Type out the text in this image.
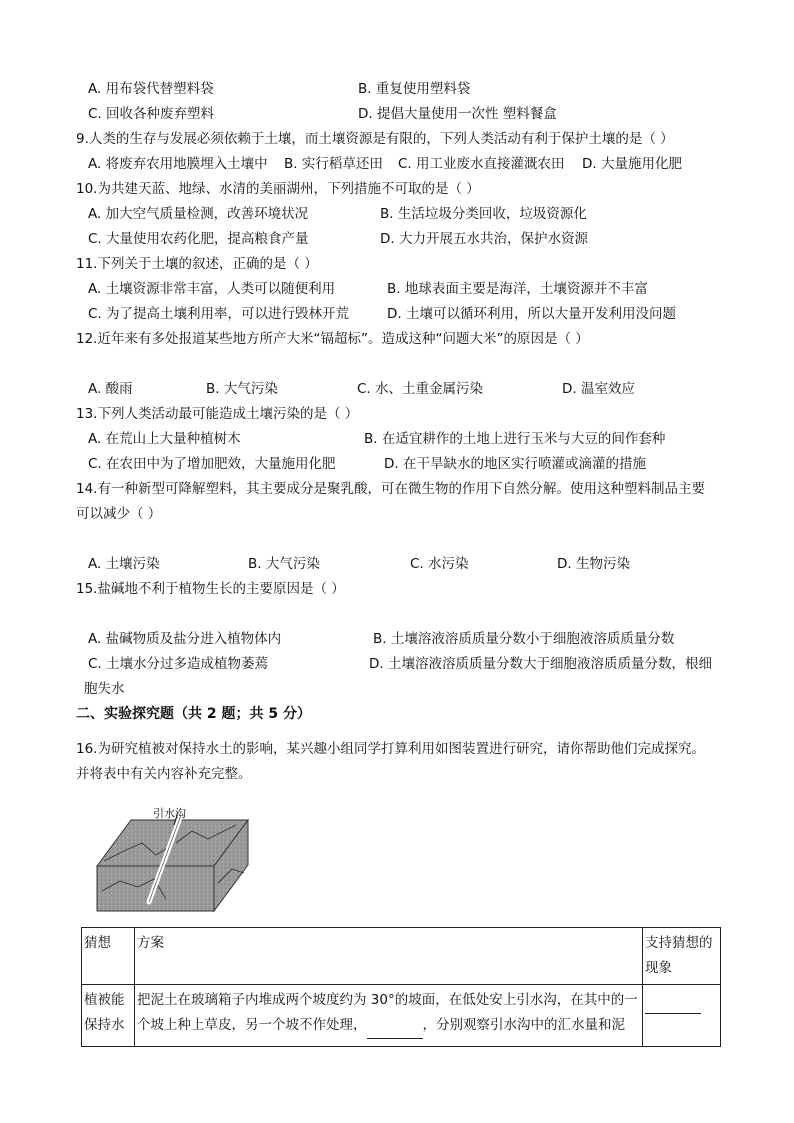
A. 用布袋代替塑料袋	B. 重复使用塑料袋
C. 回收各种废弃塑料	D. 提倡大量使用一次性 塑料餐盒
9.人类的生存与发展必须依赖于土壤，而土壤资源是有限的，下列人类活动有利于保护土壤的是（ ）
A. 将废弃农用地膜埋入土壤中 B. 实行稻草还田 C. 用工业废水直接灌溉农田 D. 大量施用化肥
10.为共建天蓝、地绿、水清的美丽湖州，下列措施不可取的是（ ）
A. 加大空气质量检测，改善环境状况	B. 生活垃圾分类回收，垃圾资源化
C. 大量使用农药化肥，提高粮食产量	D. 大力开展五水共治，保护水资源
11.下列关于土壤的叙述，正确的是（ ）
A. 土壤资源非常丰富，人类可以随便利用	B. 地球表面主要是海洋，土壤资源并不丰富
C. 为了提高土壤利用率，可以进行毁林开荒	D. 土壤可以循环利用，所以大量开发利用没问题
12.近年来有多处报道某些地方所产大米“镉超标”。造成这种“问题大米”的原因是（ ）
A. 酸雨	B. 大气污染	C. 水、土重金属污染	D. 温室效应
13.下列人类活动最可能造成土壤污染的是（ ）
A. 在荒山上大量种植树木	B. 在适宜耕作的土地上进行玉米与大豆的间作套种
C. 在农田中为了增加肥效，大量施用化肥	D. 在干旱缺水的地区实行喷灌或滴灌的措施
14.有一种新型可降解塑料，其主要成分是聚乳酸，可在微生物的作用下自然分解。使用这种塑料制品主要
可以减少（ ）
A. 土壤污染	B. 大气污染	C. 水污染	D. 生物污染
15.盐碱地不利于植物生长的主要原因是（ ）
A. 盐碱物质及盐分进入植物体内	B. 土壤溶液溶质质量分数小于细胞液溶质质量分数
C. 土壤水分过多造成植物萎蔫	D. 土壤溶液溶质质量分数大于细胞液溶质质量分数，根细
胞失水
二、实验探究题（共 2 题；共 5 分）
16.为研究植被对保持水土的影响，某兴趣小组同学打算利用如图装置进行研究，请你帮助他们完成探究。
并将表中有关内容补充完整。
引水沟
猜想	方案	支持猜想的现象
植被能保持水	把泥土在玻璃箱子内堆成两个坡度约为 30°的坡面，在低处安上引水沟，在其中的一个坡上种上草皮，另一个坡不作处理， ，分别观察引水沟中的汇水量和泥	
